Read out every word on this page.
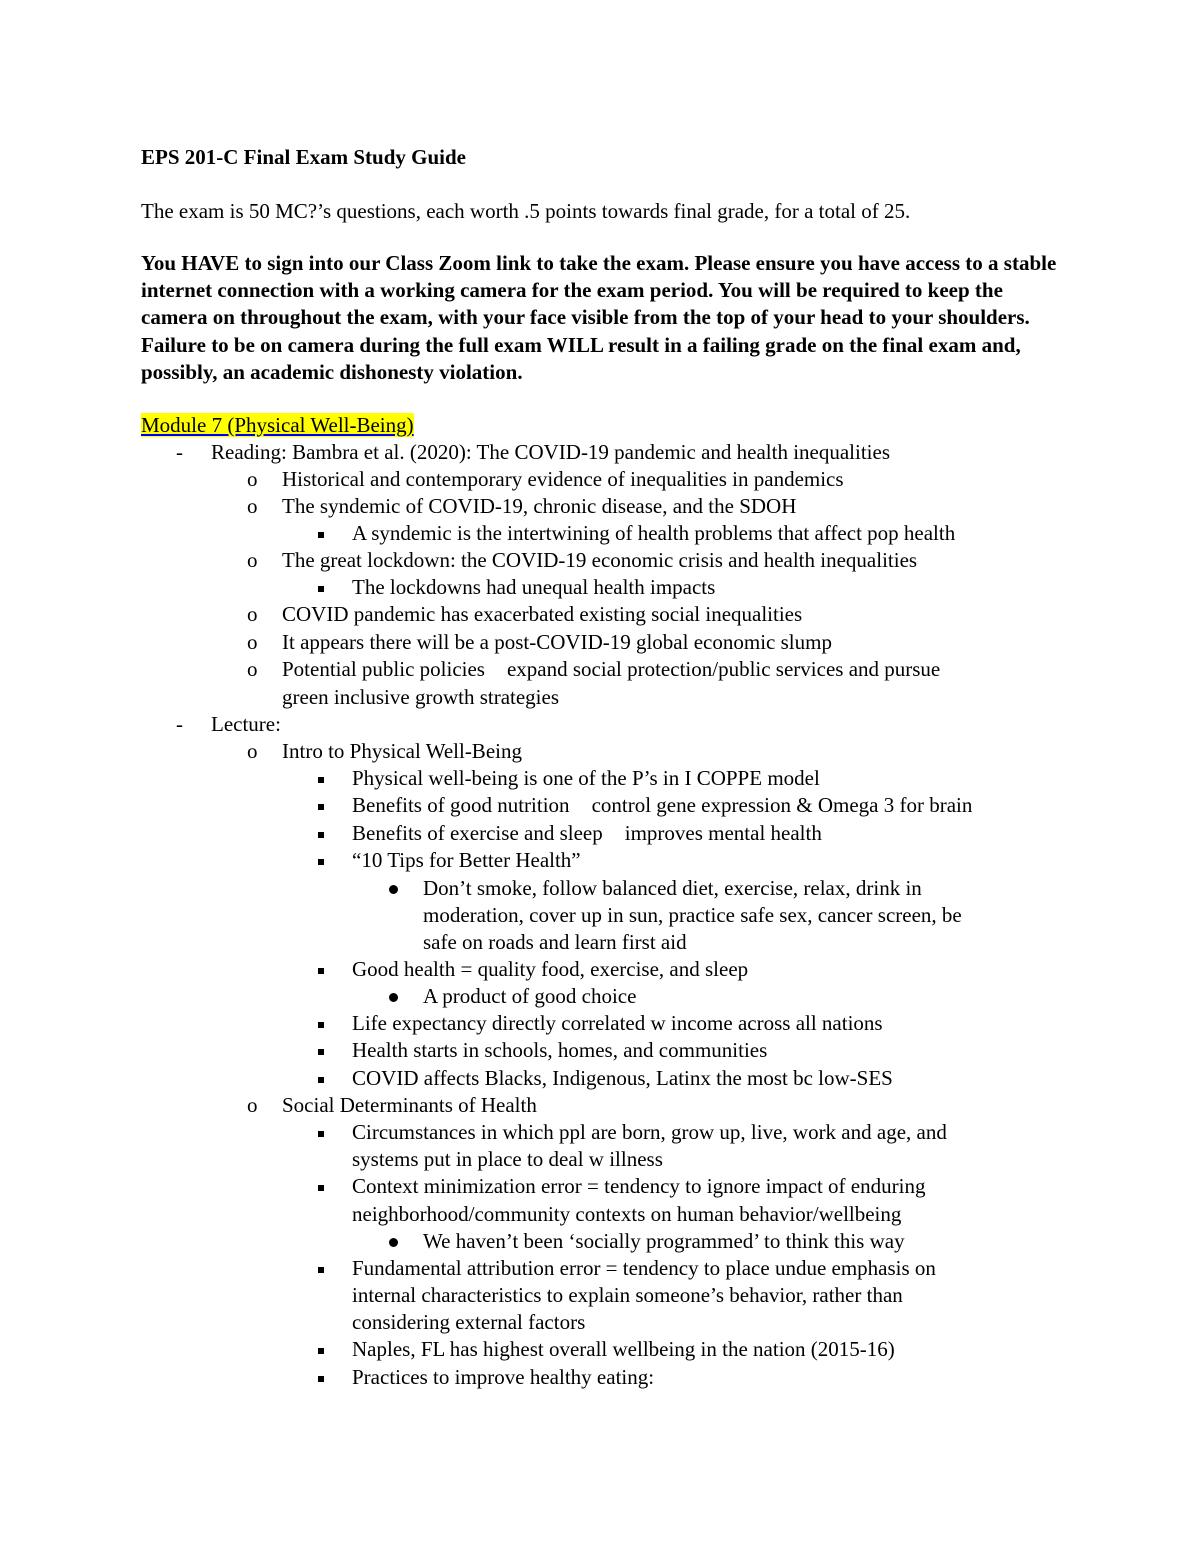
EPS 201-C Final Exam Study Guide
The exam is 50 MC?’s questions, each worth .5 points towards final grade, for a total of 25.
You HAVE to sign into our Class Zoom link to take the exam. Please ensure you have access to a stable internet connection with a working camera for the exam period. You will be required to keep the camera on throughout the exam, with your face visible from the top of your head to your shoulders. Failure to be on camera during the full exam WILL result in a failing grade on the final exam and, possibly, an academic dishonesty violation.
Module 7 (Physical Well-Being)
- Reading: Bambra et al. (2020): The COVID-19 pandemic and health inequalities
o Historical and contemporary evidence of inequalities in pandemics
o The syndemic of COVID-19, chronic disease, and the SDOH
A syndemic is the intertwining of health problems that affect pop health
o The great lockdown: the COVID-19 economic crisis and health inequalities
The lockdowns had unequal health impacts
o COVID pandemic has exacerbated existing social inequalities
o It appears there will be a post-COVID-19 global economic slump
o Potential public policies expand social protection/public services and pursue
green inclusive growth strategies
- Lecture:
o Intro to Physical Well-Being
Physical well-being is one of the P’s in I COPPE model
Benefits of good nutrition control gene expression & Omega 3 for brain
Benefits of exercise and sleep improves mental health
“10 Tips for Better Health”
Don’t smoke, follow balanced diet, exercise, relax, drink in
moderation, cover up in sun, practice safe sex, cancer screen, be
safe on roads and learn first aid
Good health = quality food, exercise, and sleep
A product of good choice
Life expectancy directly correlated w income across all nations
Health starts in schools, homes, and communities
COVID affects Blacks, Indigenous, Latinx the most bc low-SES
o Social Determinants of Health
Circumstances in which ppl are born, grow up, live, work and age, and
systems put in place to deal w illness
Context minimization error = tendency to ignore impact of enduring
neighborhood/community contexts on human behavior/wellbeing
We haven’t been ‘socially programmed’ to think this way
Fundamental attribution error = tendency to place undue emphasis on
internal characteristics to explain someone’s behavior, rather than
considering external factors
Naples, FL has highest overall wellbeing in the nation (2015-16)
Practices to improve healthy eating:
